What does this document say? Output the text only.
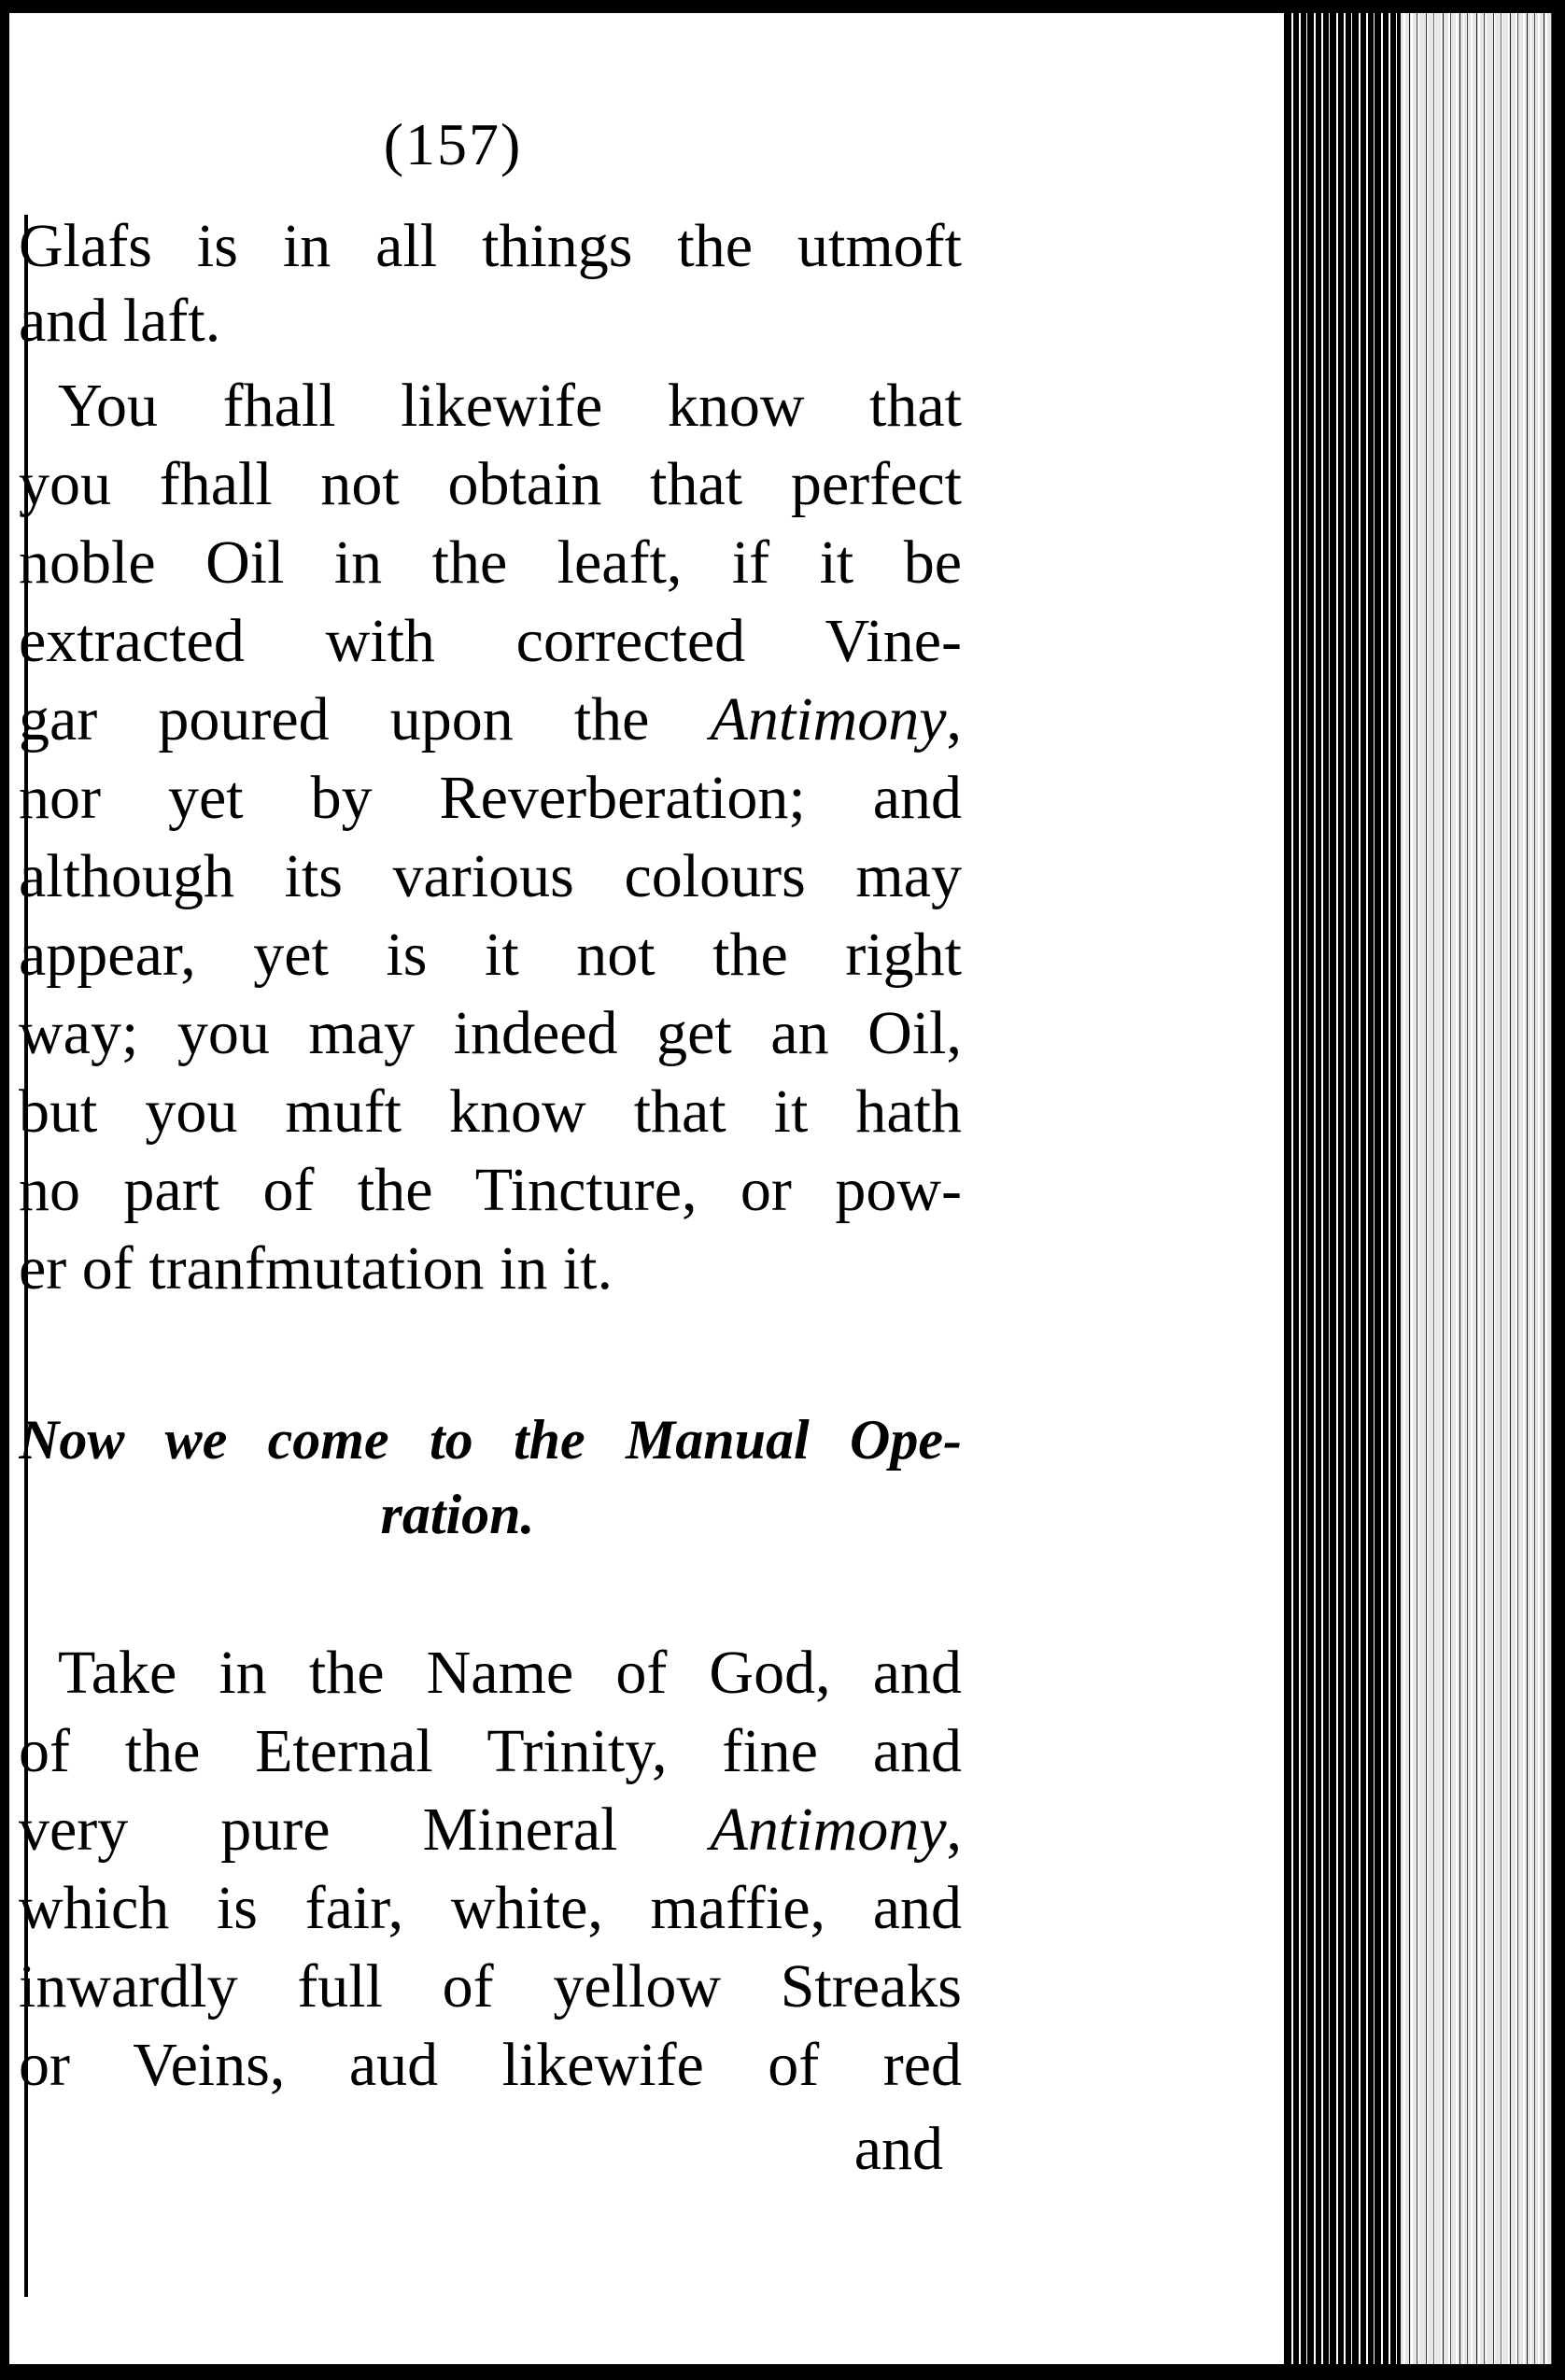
(157)
Glafs is in all things the utmoft
and laft.
You fhall likewife know that
you fhall not obtain that perfect
noble Oil in the leaft, if it be
extracted with corrected Vine-
gar poured upon the Antimony,
nor yet by Reverberation; and
although its various colours may
appear, yet is it not the right
way; you may indeed get an Oil,
but you muft know that it hath
no part of the Tincture, or pow-
er of tranfmutation in it.
Now we come to the Manual Ope-
ration.
Take in the Name of God, and
of the Eternal Trinity, fine and
very pure Mineral Antimony,
which is fair, white, maffie, and
inwardly full of yellow Streaks
or Veins, aud likewife of red
and
